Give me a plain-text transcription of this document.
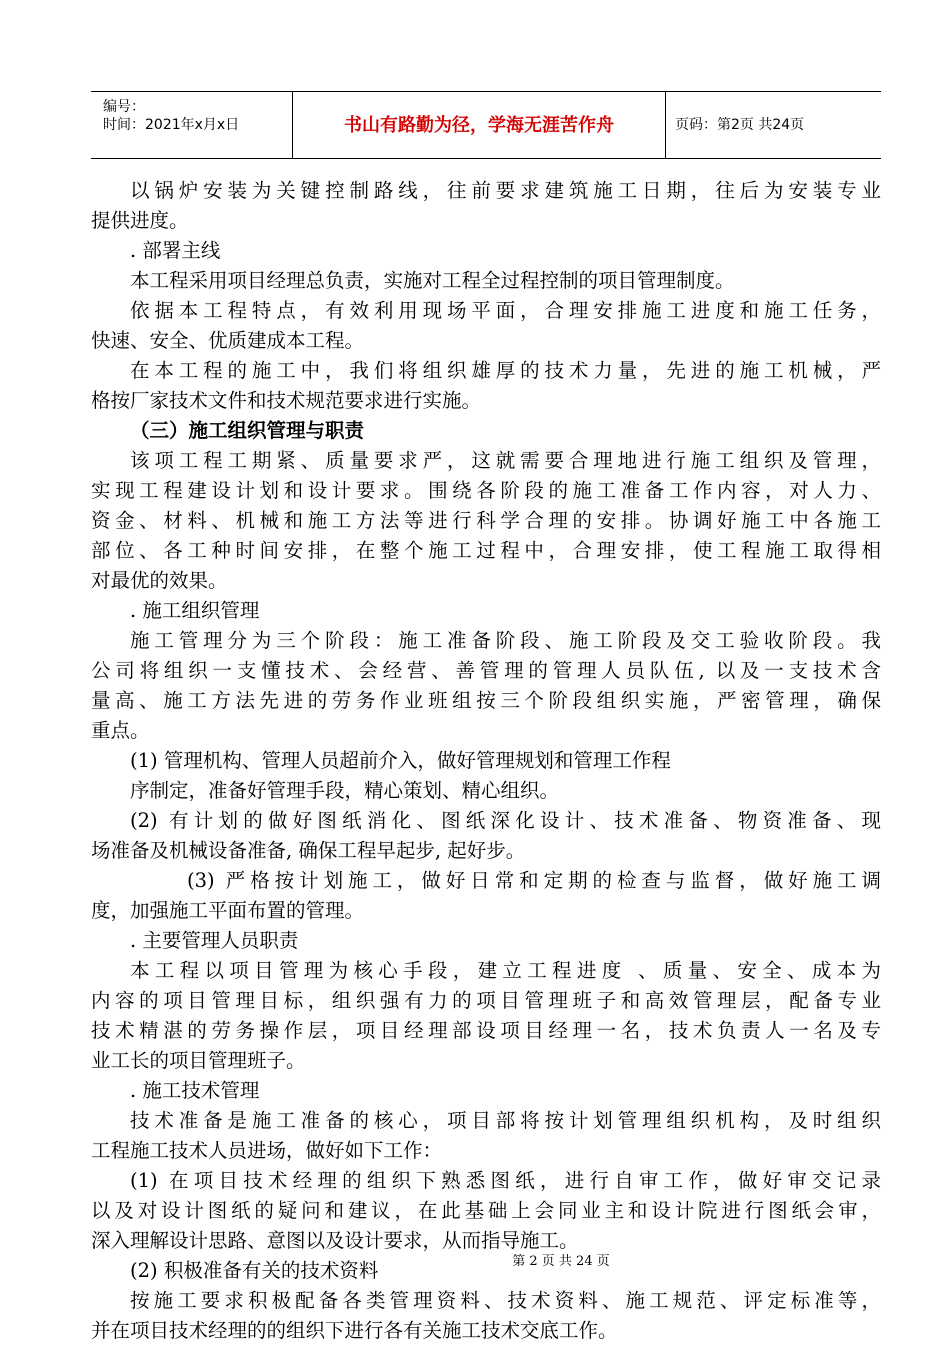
编号：
时间：2021年x月x日	书山有路勤为径，学海无涯苦作舟	页码：第2页 共24页
以锅炉安装为关键控制路线，往前要求建筑施工日期，往后为安装专业
提供进度。
. 部署主线
本工程采用项目经理总负责，实施对工程全过程控制的项目管理制度。
依据本工程特点，有效利用现场平面，合理安排施工进度和施工任务，
快速、安全、优质建成本工程。
在本工程的施工中，我们将组织雄厚的技术力量，先进的施工机械，严
格按厂家技术文件和技术规范要求进行实施。
（三）施工组织管理与职责
该项工程工期紧、质量要求严，这就需要合理地进行施工组织及管理，
实现工程建设计划和设计要求。围绕各阶段的施工准备工作内容，对人力、
资金、材料、机械和施工方法等进行科学合理的安排。协调好施工中各施工
部位、各工种时间安排，在整个施工过程中，合理安排，使工程施工取得相
对最优的效果。
. 施工组织管理
施工管理分为三个阶段：施工准备阶段、施工阶段及交工验收阶段。我
公司将组织一支懂技术、会经营、善管理的管理人员队伍, 以及一支技术含
量高、施工方法先进的劳务作业班组按三个阶段组织实施，严密管理，确保
重点。
(1) 管理机构、管理人员超前介入，做好管理规划和管理工作程
序制定，准备好管理手段，精心策划、精心组织。
(2) 有计划的做好图纸消化、图纸深化设计、技术准备、物资准备、现
场准备及机械设备准备, 确保工程早起步, 起好步。
(3) 严格按计划施工，做好日常和定期的检查与监督，做好施工调
度，加强施工平面布置的管理。
. 主要管理人员职责
本工程以项目管理为核心手段，建立工程进度 、质量、安全、成本为
内容的项目管理目标，组织强有力的项目管理班子和高效管理层，配备专业
技术精湛的劳务操作层，项目经理部设项目经理一名，技术负责人一名及专
业工长的项目管理班子。
. 施工技术管理
技术准备是施工准备的核心，项目部将按计划管理组织机构，及时组织
工程施工技术人员进场，做好如下工作：
(1) 在项目技术经理的组织下熟悉图纸，进行自审工作，做好审交记录
以及对设计图纸的疑问和建议，在此基础上会同业主和设计院进行图纸会审，
深入理解设计思路、意图以及设计要求，从而指导施工。
(2) 积极准备有关的技术资料
按施工要求积极配备各类管理资料、技术资料、施工规范、评定标准等，
并在项目技术经理的的组织下进行各有关施工技术交底工作。
第 2 页 共 24 页
